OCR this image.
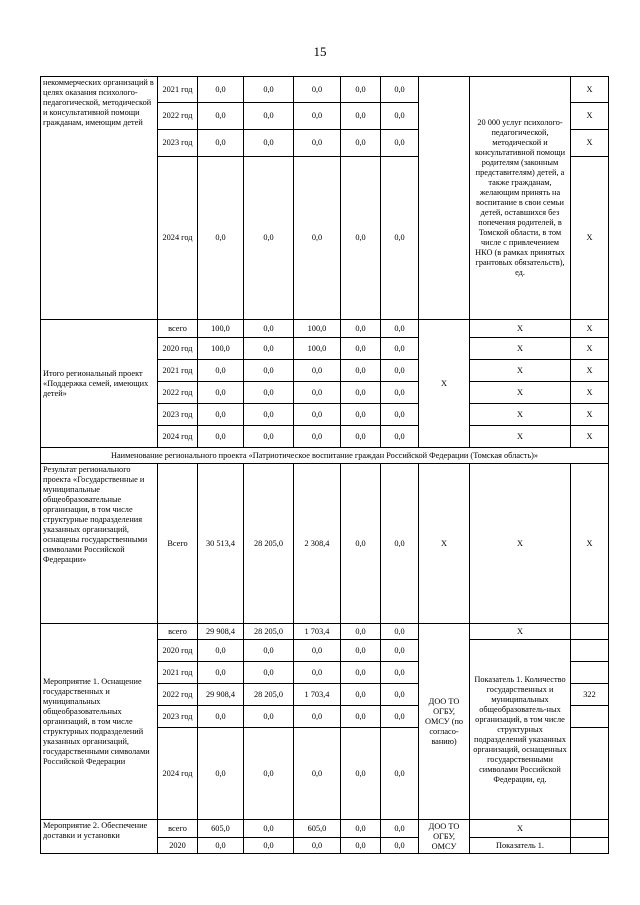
15
некоммерческих организаций в целях оказания психолого-педагогической, методической и консультативной помощи гражданам, имеющим детей	2021 год	0,0	0,0	0,0	0,0	0,0		20 000 услуг психолого-педагогической, методической и консультативной помощи родителям (законным представителям) детей, а также гражданам, желающим принять на воспитание в свои семьи детей, оставшихся без попечения родителей, в Томской области, в том числе с привлечением НКО (в рамках принятых грантовых обязательств), ед.	Х
	2022 год	0,0	0,0	0,0	0,0	0,0			Х
	2023 год	0,0	0,0	0,0	0,0	0,0			Х
	2024 год	0,0	0,0	0,0	0,0	0,0			Х
Итого региональный проект «Поддержка семей, имеющих детей»	всего	100,0	0,0	100,0	0,0	0,0	Х	Х	Х
	2020 год	100,0	0,0	100,0	0,0	0,0		Х	Х
	2021 год	0,0	0,0	0,0	0,0	0,0		Х	Х
	2022 год	0,0	0,0	0,0	0,0	0,0		Х	Х
	2023 год	0,0	0,0	0,0	0,0	0,0		Х	Х
	2024 год	0,0	0,0	0,0	0,0	0,0		Х	Х
Наименование регионального проекта «Патриотическое воспитание граждан Российской Федерации (Томская область)»									
Результат регионального проекта «Государственные и муниципальные общеобразовательные организации, в том числе структурные подразделения указанных организаций, оснащены государственными символами Российской Федерации»	Всего	30 513,4	28 205,0	2 308,4	0,0	0,0	Х	Х	Х
Мероприятие 1. Оснащение государственных и муниципальных общеобразовательных организаций, в том числе структурных подразделений указанных организаций, государственными символами Российской Федерации	всего	29 908,4	28 205,0	1 703,4	0,0	0,0	ДОО ТО ОГБУ, ОМСУ (по согласо-ванию)	Х	
	2020 год	0,0	0,0	0,0	0,0	0,0		Показатель 1. Количество государственных и муниципальных общеобразователь-ных организаций, в том числе структурных подразделений указанных организаций, оснащенных государственными символами Российской Федерации, ед.	
	2021 год	0,0	0,0	0,0	0,0	0,0			
	2022 год	29 908,4	28 205,0	1 703,4	0,0	0,0			322
	2023 год	0,0	0,0	0,0	0,0	0,0			
	2024 год	0,0	0,0	0,0	0,0	0,0			
Мероприятие 2. Обеспечение доставки и установки	всего	605,0	0,0	605,0	0,0	0,0	ДОО ТО ОГБУ, ОМСУ	Х	
	2020	0,0	0,0	0,0	0,0	0,0		Показатель 1.	
